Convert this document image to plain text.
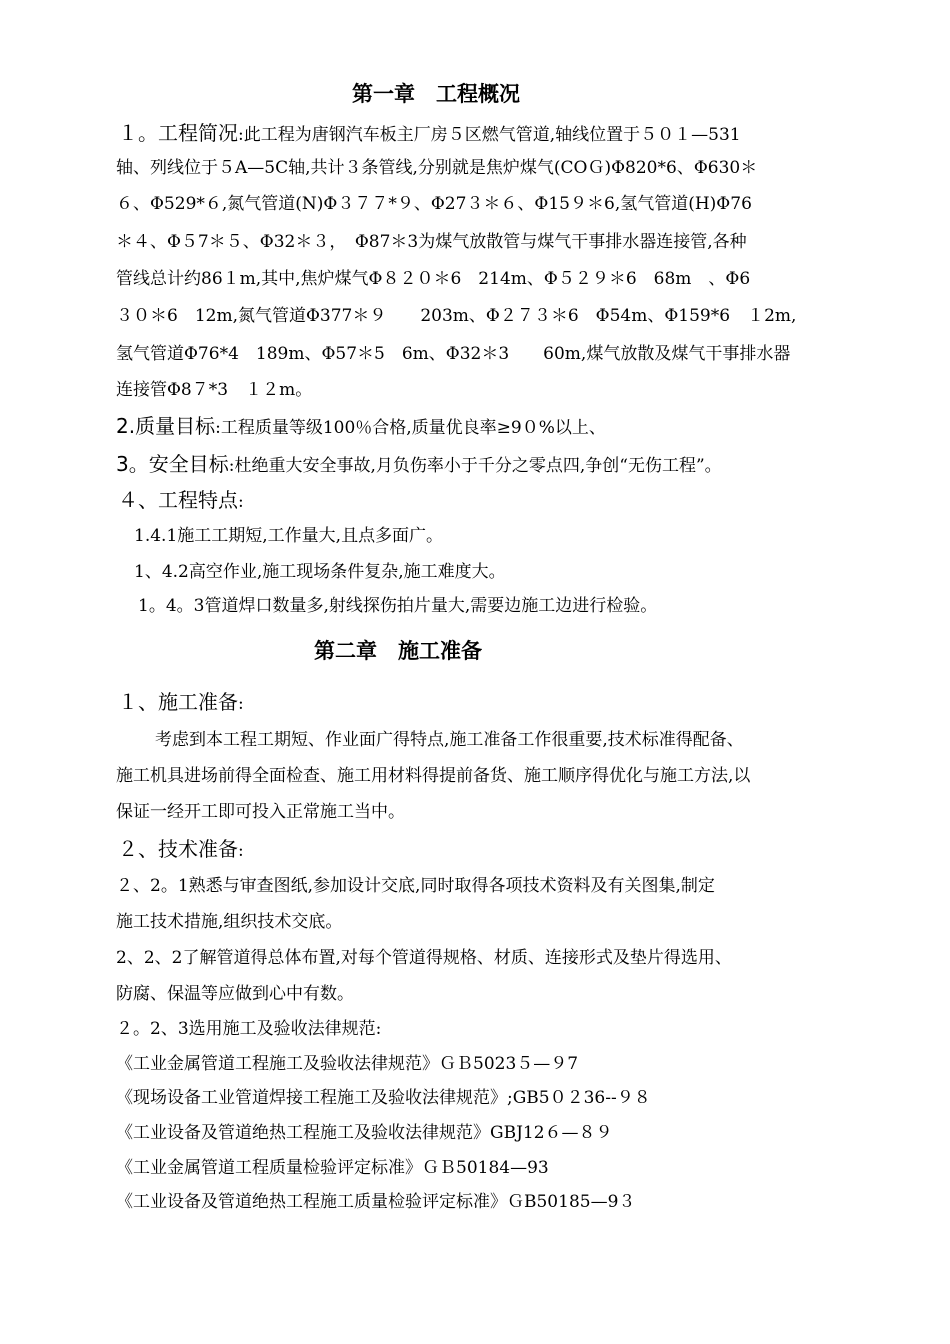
第一章　工程概况
１。工程简况:此工程为唐钢汽车板主厂房５区燃气管道,轴线位置于５０１—531
轴、列线位于５A—5C轴,共计３条管线,分别就是焦炉煤气(COＧ)Φ820*6、Φ630＊
６、Φ529*６,氮气管道(N)Φ３７７*９、Φ27３＊６、Φ15９＊6,氢气管道(H)Φ76
＊４、Φ５7＊５、Φ32＊３，　Φ87＊3为煤气放散管与煤气干事排水器连接管,各种
管线总计约86１m,其中,焦炉煤气Φ８２０＊6　214m、Φ５２９＊6　68m　、Φ6
３０＊6　12m,氮气管道Φ377＊９　　203m、Φ２７３＊6　Φ54m、Φ159*6　１2m,
氢气管道Φ76*4　189m、Φ57＊5　6m、Φ32＊3　　60m,煤气放散及煤气干事排水器
连接管Φ8７*3　１２m。
2.质量目标:工程质量等级100％合格,质量优良率≥9０%以上、
3。安全目标:杜绝重大安全事故,月负伤率小于千分之零点四,争创“无伤工程”。
４、工程特点:
1.4.1施工工期短,工作量大,且点多面广。
1、4.2高空作业,施工现场条件复杂,施工难度大。
1。4。3管道焊口数量多,射线探伤拍片量大,需要边施工边进行检验。
第二章　施工准备
１、施工准备:
考虑到本工程工期短、作业面广得特点,施工准备工作很重要,技术标准得配备、
施工机具进场前得全面检查、施工用材料得提前备货、施工顺序得优化与施工方法,以
保证一经开工即可投入正常施工当中。
２、技术准备:
２、2。1熟悉与审查图纸,参加设计交底,同时取得各项技术资料及有关图集,制定
施工技术措施,组织技术交底。
2、2、2了解管道得总体布置,对每个管道得规格、材质、连接形式及垫片得选用、
防腐、保温等应做到心中有数。
２。2、3选用施工及验收法律规范:
《工业金属管道工程施工及验收法律规范》ＧＢ5023５—９7
《现场设备工业管道焊接工程施工及验收法律规范》;GB5０２36--９８
《工业设备及管道绝热工程施工及验收法律规范》GBJ12６—８９
《工业金属管道工程质量检验评定标准》ＧＢ50184—93
《工业设备及管道绝热工程施工质量检验评定标准》ＧB50185—9３
